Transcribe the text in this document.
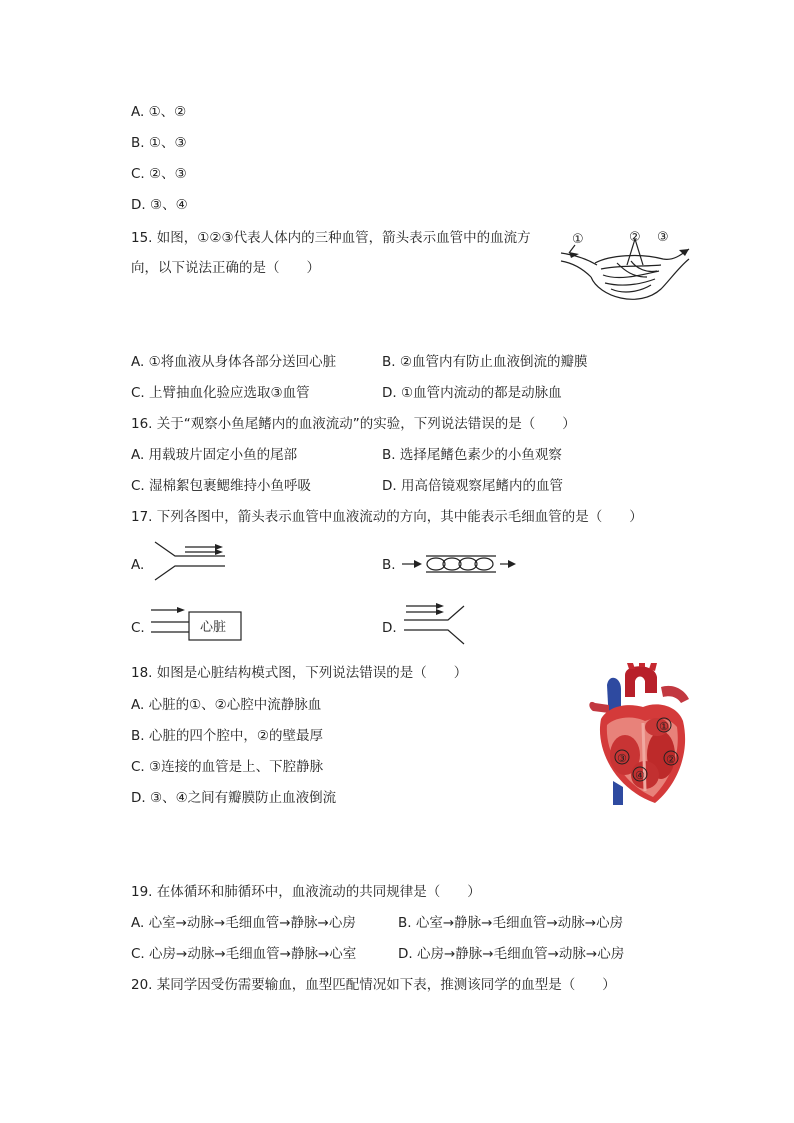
A. ①、②
B. ①、③
C. ②、③
D. ③、④
15. 如图，①②③代表人体内的三种血管，箭头表示血管中的血流方
向，以下说法正确的是（　　）
①	② ③
A. ①将血液从身体各部分送回心脏	B. ②血管内有防止血液倒流的瓣膜
C. 上臂抽血化验应选取③血管	D. ①血管内流动的都是动脉血
16. 关于“观察小鱼尾鳍内的血液流动”的实验，下列说法错误的是（　　）
A. 用载玻片固定小鱼的尾部	B. 选择尾鳍色素少的小鱼观察
C. 湿棉絮包裹鳃维持小鱼呼吸	D. 用高倍镜观察尾鳍内的血管
17. 下列各图中，箭头表示血管中血液流动的方向，其中能表示毛细血管的是（　　）
A.	B.
C.	心脏	D.
18. 如图是心脏结构模式图，下列说法错误的是（　　）
A. 心脏的①、②心腔中流静脉血
B. 心脏的四个腔中，②的壁最厚
C. ③连接的血管是上、下腔静脉
D. ③、④之间有瓣膜防止血液倒流
①
②
③
④
19. 在体循环和肺循环中，血液流动的共同规律是（　　）
A. 心室→动脉→毛细血管→静脉→心房	B. 心室→静脉→毛细血管→动脉→心房
C. 心房→动脉→毛细血管→静脉→心室	D. 心房→静脉→毛细血管→动脉→心房
20. 某同学因受伤需要输血，血型匹配情况如下表，推测该同学的血型是（　　）
